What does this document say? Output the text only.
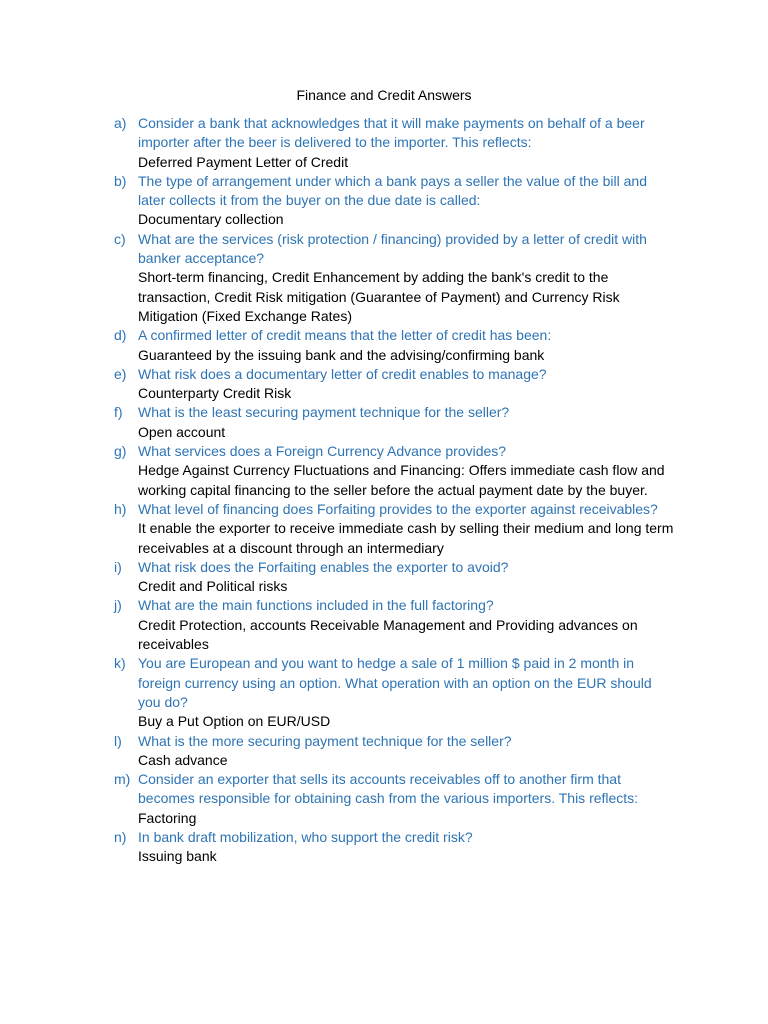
Finance and Credit Answers
a) Consider a bank that acknowledges that it will make payments on behalf of a beer importer after the beer is delivered to the importer. This reflects:
Deferred Payment Letter of Credit
b) The type of arrangement under which a bank pays a seller the value of the bill and later collects it from the buyer on the due date is called:
Documentary collection
c) What are the services (risk protection / financing) provided by a letter of credit with banker acceptance?
Short-term financing, Credit Enhancement by adding the bank's credit to the transaction, Credit Risk mitigation (Guarantee of Payment) and Currency Risk Mitigation (Fixed Exchange Rates)
d) A confirmed letter of credit means that the letter of credit has been:
Guaranteed by the issuing bank and the advising/confirming bank
e) What risk does a documentary letter of credit enables to manage?
Counterparty Credit Risk
f) What is the least securing payment technique for the seller?
Open account
g) What services does a Foreign Currency Advance provides?
Hedge Against Currency Fluctuations and Financing: Offers immediate cash flow and working capital financing to the seller before the actual payment date by the buyer.
h) What level of financing does Forfaiting provides to the exporter against receivables?
It enable the exporter to receive immediate cash by selling their medium and long term receivables at a discount through an intermediary
i) What risk does the Forfaiting enables the exporter to avoid?
Credit and Political risks
j) What are the main functions included in the full factoring?
Credit Protection, accounts Receivable Management and Providing advances on receivables
k) You are European and you want to hedge a sale of 1 million $ paid in 2 month in foreign currency using an option. What operation with an option on the EUR should you do?
Buy a Put Option on EUR/USD
l) What is the more securing payment technique for the seller?
Cash advance
m) Consider an exporter that sells its accounts receivables off to another firm that becomes responsible for obtaining cash from the various importers. This reflects:
Factoring
n) In bank draft mobilization, who support the credit risk?
Issuing bank
